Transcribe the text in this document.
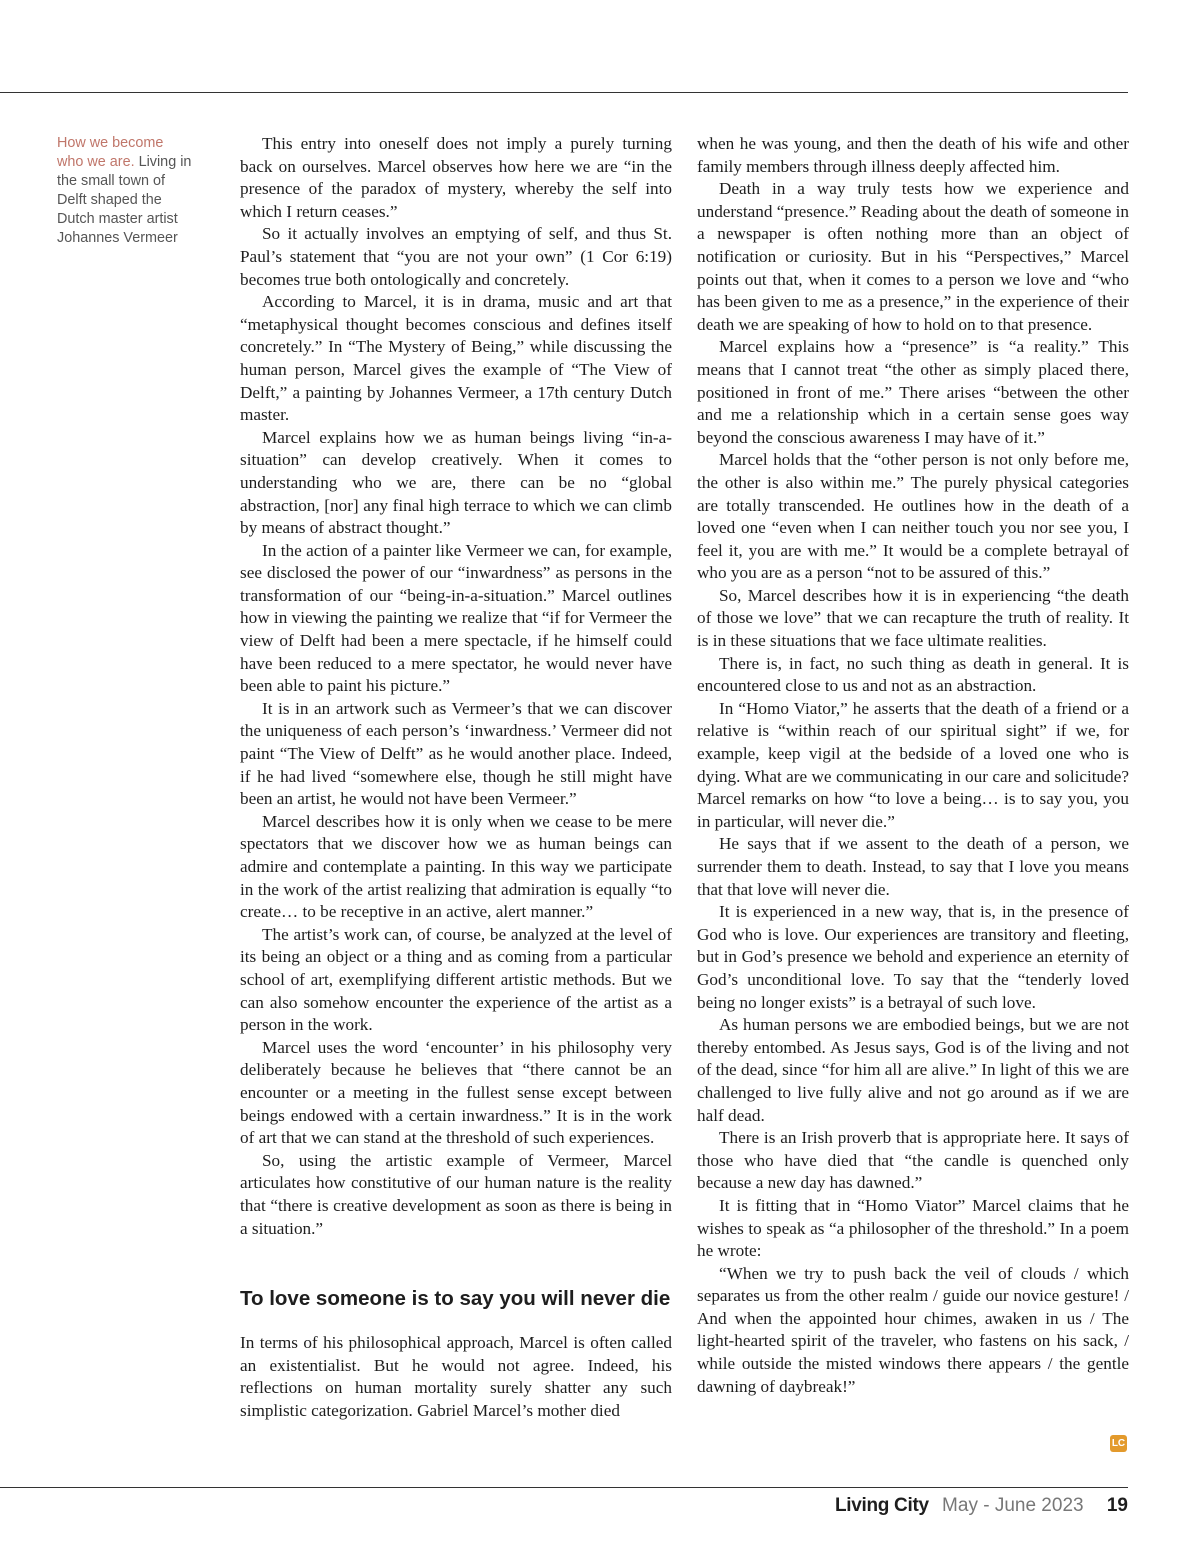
How we become who we are. Living in the small town of Delft shaped the Dutch master artist Johannes Vermeer

This entry into oneself does not imply a purely turning back on ourselves. Marcel observes how here we are “in the presence of the paradox of mystery, whereby the self into which I return ceases.”

So it actually involves an emptying of self, and thus St. Paul’s statement that “you are not your own” (1 Cor 6:19) becomes true both ontologically and concretely.

According to Marcel, it is in drama, music and art that “metaphysical thought becomes conscious and defines itself concretely.” In “The Mystery of Being,” while discussing the human person, Marcel gives the example of “The View of Delft,” a painting by Johannes Vermeer, a 17th century Dutch master.

Marcel explains how we as human beings living “in-a-situation” can develop creatively. When it comes to understanding who we are, there can be no “global abstraction, [nor] any final high terrace to which we can climb by means of abstract thought.”

In the action of a painter like Vermeer we can, for example, see disclosed the power of our “inwardness” as persons in the transformation of our “being-in-a-situation.” Marcel outlines how in viewing the painting we realize that “if for Vermeer the view of Delft had been a mere spectacle, if he himself could have been reduced to a mere spectator, he would never have been able to paint his picture.”

It is in an artwork such as Vermeer’s that we can discover the uniqueness of each person’s ‘inwardness.’ Vermeer did not paint “The View of Delft” as he would another place. Indeed, if he had lived “somewhere else, though he still might have been an artist, he would not have been Vermeer.”

Marcel describes how it is only when we cease to be mere spectators that we discover how we as human beings can admire and contemplate a painting. In this way we participate in the work of the artist realizing that admiration is equally “to create… to be receptive in an active, alert manner.”

The artist’s work can, of course, be analyzed at the level of its being an object or a thing and as coming from a particular school of art, exemplifying different artistic methods. But we can also somehow encounter the experience of the artist as a person in the work.

Marcel uses the word ‘encounter’ in his philosophy very deliberately because he believes that “there cannot be an encounter or a meeting in the fullest sense except between beings endowed with a certain inwardness.” It is in the work of art that we can stand at the threshold of such experiences.

So, using the artistic example of Vermeer, Marcel articulates how constitutive of our human nature is the reality that “there is creative development as soon as there is being in a situation.”

To love someone is to say you will never die

In terms of his philosophical approach, Marcel is often called an existentialist. But he would not agree. Indeed, his reflections on human mortality surely shatter any such simplistic categorization. Gabriel Marcel’s mother died

when he was young, and then the death of his wife and other family members through illness deeply affected him.

Death in a way truly tests how we experience and understand “presence.” Reading about the death of someone in a newspaper is often nothing more than an object of notification or curiosity. But in his “Perspectives,” Marcel points out that, when it comes to a person we love and “who has been given to me as a presence,” in the experience of their death we are speaking of how to hold on to that presence.

Marcel explains how a “presence” is “a reality.” This means that I cannot treat “the other as simply placed there, positioned in front of me.” There arises “between the other and me a relationship which in a certain sense goes way beyond the conscious awareness I may have of it.”

Marcel holds that the “other person is not only before me, the other is also within me.” The purely physical categories are totally transcended. He outlines how in the death of a loved one “even when I can neither touch you nor see you, I feel it, you are with me.” It would be a complete betrayal of who you are as a person “not to be assured of this.”

So, Marcel describes how it is in experiencing “the death of those we love” that we can recapture the truth of reality. It is in these situations that we face ultimate realities.

There is, in fact, no such thing as death in general. It is encountered close to us and not as an abstraction.

In “Homo Viator,” he asserts that the death of a friend or a relative is “within reach of our spiritual sight” if we, for example, keep vigil at the bedside of a loved one who is dying. What are we communicating in our care and solicitude? Marcel remarks on how “to love a being… is to say you, you in particular, will never die.”

He says that if we assent to the death of a person, we surrender them to death. Instead, to say that I love you means that that love will never die.

It is experienced in a new way, that is, in the presence of God who is love. Our experiences are transitory and fleeting, but in God’s presence we behold and experience an eternity of God’s unconditional love. To say that the “tenderly loved being no longer exists” is a betrayal of such love.

As human persons we are embodied beings, but we are not thereby entombed. As Jesus says, God is of the living and not of the dead, since “for him all are alive.” In light of this we are challenged to live fully alive and not go around as if we are half dead.

There is an Irish proverb that is appropriate here. It says of those who have died that “the candle is quenched only because a new day has dawned.”

It is fitting that in “Homo Viator” Marcel claims that he wishes to speak as “a philosopher of the threshold.” In a poem he wrote:

“When we try to push back the veil of clouds / which separates us from the other realm / guide our novice gesture! / And when the appointed hour chimes, awaken in us / The light-hearted spirit of the traveler, who fastens on his sack, / while outside the misted windows there appears / the gentle dawning of daybreak!”

LC
Living City May - June 2023 19
